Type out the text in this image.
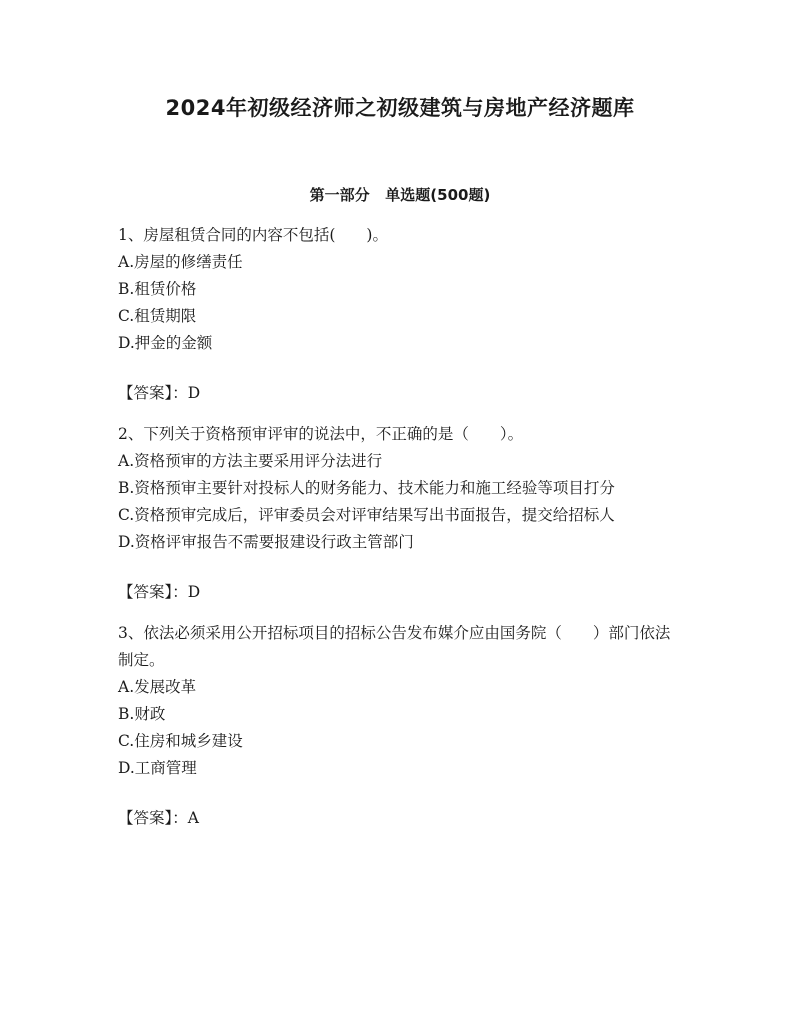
2024年初级经济师之初级建筑与房地产经济题库
第一部分   单选题(500题)

1、房屋租赁合同的内容不包括(　　)。

A.房屋的修缮责任

B.租赁价格

C.租赁期限

D.押金的金额

【答案】：D

2、下列关于资格预审评审的说法中，不正确的是（　　）。

A.资格预审的方法主要采用评分法进行

B.资格预审主要针对投标人的财务能力、技术能力和施工经验等项目打分

C.资格预审完成后，评审委员会对评审结果写出书面报告，提交给招标人

D.资格评审报告不需要报建设行政主管部门

【答案】：D

3、依法必须采用公开招标项目的招标公告发布媒介应由国务院（　　）部门依法制定。

A.发展改革

B.财政

C.住房和城乡建设

D.工商管理

【答案】：A
